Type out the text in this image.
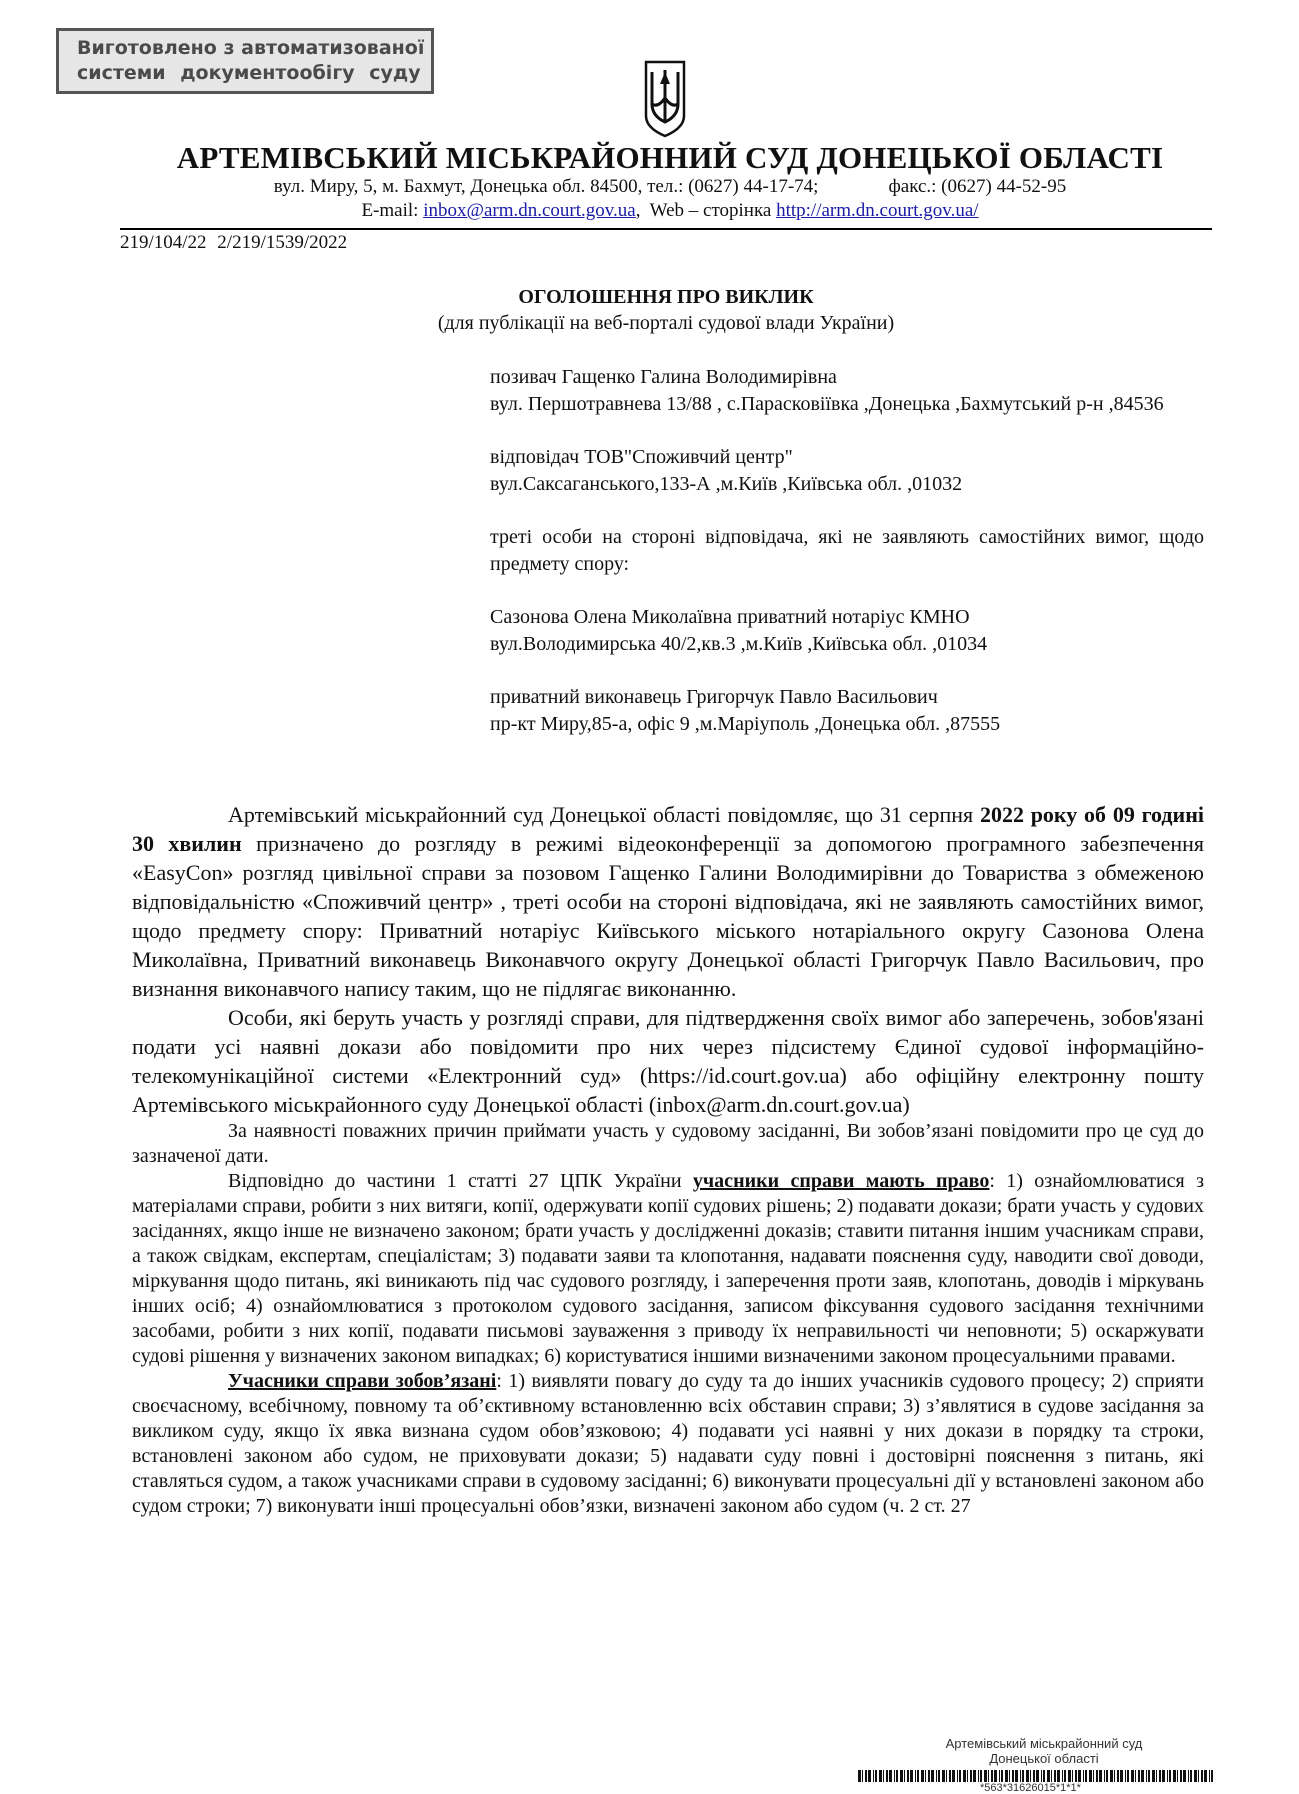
Виготовлено з автоматизованої
системи документообігу суду
АРТЕМІВСЬКИЙ МІСЬКРАЙОННИЙ СУД ДОНЕЦЬКОЇ ОБЛАСТІ
вул. Миру, 5, м. Бахмут, Донецька обл. 84500, тел.: (0627) 44-17-74;	факс.: (0627) 44-52-95
E-mail: inbox@arm.dn.court.gov.ua,  Web – сторінка http://arm.dn.court.gov.ua/
219/104/22 2/219/1539/2022
ОГОЛОШЕННЯ ПРО ВИКЛИК
(для публікації на веб-порталі судової влади України)

позивач Гащенко Галина Володимирівна

вул. Першотравнева 13/88 , с.Парасковіївка ,Донецька ,Бахмутський р-н ,84536

відповідач ТОВ"Споживчий центр"

вул.Саксаганського,133-А ,м.Київ ,Київська обл. ,01032

треті особи на стороні відповідача, які не заявляють самостійних вимог, щодо предмету спору:

Сазонова Олена Миколаївна приватний нотаріус КМНО

вул.Володимирська 40/2,кв.3 ,м.Київ ,Київська обл. ,01034

приватний виконавець Григорчук Павло Васильович

пр-кт Миру,85-а, офіс 9 ,м.Маріуполь ,Донецька обл. ,87555

Артемівський міськрайонний суд Донецької області повідомляє, що 31 серпня 2022 року об 09 годині 30 хвилин призначено до розгляду в режимі відеоконференції за допомогою програмного забезпечення «EasyCon» розгляд цивільної справи за позовом Гащенко Галини Володимирівни до Товариства з обмеженою відповідальністю «Споживчий центр» , треті особи на стороні відповідача, які не заявляють самостійних вимог, щодо предмету спору: Приватний нотаріус Київського міського нотаріального округу Сазонова Олена Миколаївна, Приватний виконавець Виконавчого округу Донецької області Григорчук Павло Васильович, про визнання виконавчого напису таким, що не підлягає виконанню.

Особи, які беруть участь у розгляді справи, для підтвердження своїх вимог або заперечень, зобов'язані подати усі наявні докази або повідомити про них через підсистему Єдиної судової інформаційно-телекомунікаційної системи «Електронний суд» (https://id.court.gov.ua) або офіційну електронну пошту Артемівського міськрайонного суду Донецької області (inbox@arm.dn.court.gov.ua)

За наявності поважних причин приймати участь у судовому засіданні, Ви зобов’язані повідомити про це суд до зазначеної дати.

Відповідно до частини 1 статті 27 ЦПК України учасники справи мають право: 1) ознайомлюватися з матеріалами справи, робити з них витяги, копії, одержувати копії судових рішень; 2) подавати докази; брати участь у судових засіданнях, якщо інше не визначено законом; брати участь у дослідженні доказів; ставити питання іншим учасникам справи, а також свідкам, експертам, спеціалістам; 3) подавати заяви та клопотання, надавати пояснення суду, наводити свої доводи, міркування щодо питань, які виникають під час судового розгляду, і заперечення проти заяв, клопотань, доводів і міркувань інших осіб; 4) ознайомлюватися з протоколом судового засідання, записом фіксування судового засідання технічними засобами, робити з них копії, подавати письмові зауваження з приводу їх неправильності чи неповноти; 5) оскаржувати судові рішення у визначених законом випадках; 6) користуватися іншими визначеними законом процесуальними правами.

Учасники справи зобов’язані: 1) виявляти повагу до суду та до інших учасників судового процесу; 2) сприяти своєчасному, всебічному, повному та об’єктивному встановленню всіх обставин справи; 3) з’являтися в судове засідання за викликом суду, якщо їх явка визнана судом обов’язковою; 4) подавати усі наявні у них докази в порядку та строки, встановлені законом або судом, не приховувати докази; 5) надавати суду повні і достовірні пояснення з питань, які ставляться судом, а також учасниками справи в судовому засіданні; 6) виконувати процесуальні дії у встановлені законом або судом строки; 7) виконувати інші процесуальні обов’язки, визначені законом або судом (ч. 2 ст. 27

Артемівський міськрайонний суд
Донецької області
*563*31626015*1*1*
